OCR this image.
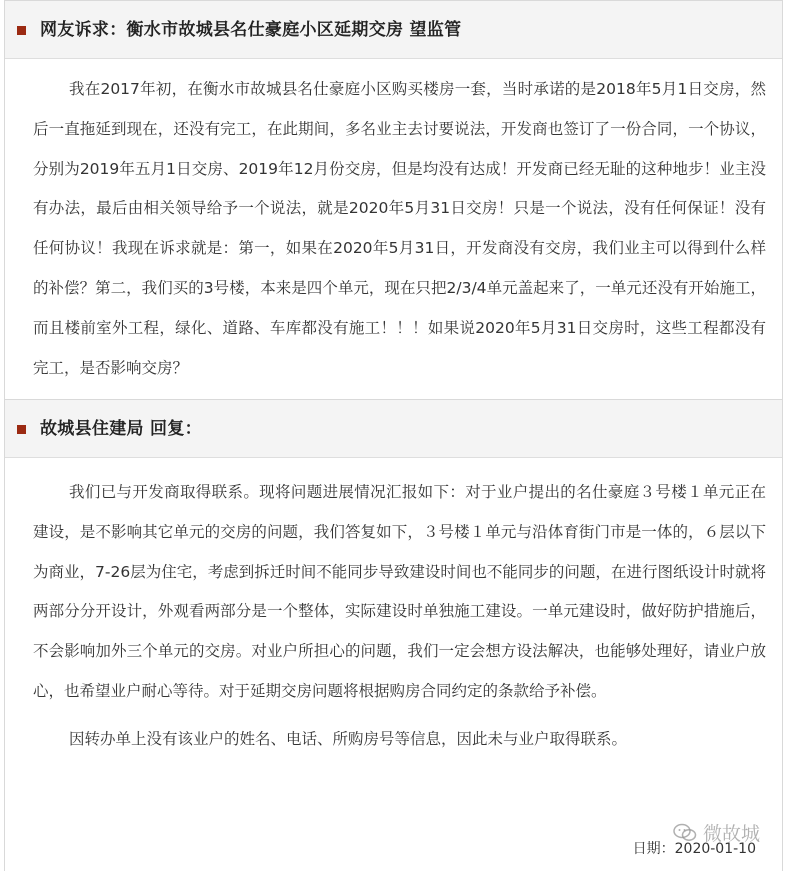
网友诉求：衡水市故城县名仕豪庭小区延期交房 望监管

我在2017年初，在衡水市故城县名仕豪庭小区购买楼房一套，当时承诺的是2018年5月1日交房，然后一直拖延到现在，还没有完工，在此期间，多名业主去讨要说法，开发商也签订了一份合同，一个协议，分别为2019年五月1日交房、2019年12月份交房，但是均没有达成！开发商已经无耻的这种地步！业主没有办法，最后由相关领导给予一个说法，就是2020年5月31日交房！只是一个说法，没有任何保证！没有任何协议！我现在诉求就是：第一，如果在2020年5月31日，开发商没有交房，我们业主可以得到什么样的补偿？第二，我们买的3号楼，本来是四个单元，现在只把2/3/4单元盖起来了，一单元还没有开始施工，而且楼前室外工程，绿化、道路、车库都没有施工！！！如果说2020年5月31日交房时，这些工程都没有完工，是否影响交房？

故城县住建局 回复：

我们已与开发商取得联系。现将问题进展情况汇报如下：对于业户提出的名仕豪庭３号楼１单元正在建设，是不影响其它单元的交房的问题，我们答复如下，３号楼１单元与沿体育街门市是一体的，６层以下为商业，7-26层为住宅，考虑到拆迁时间不能同步导致建设时间也不能同步的问题，在进行图纸设计时就将两部分分开设计，外观看两部分是一个整体，实际建设时单独施工建设。一单元建设时，做好防护措施后，不会影响加外三个单元的交房。对业户所担心的问题，我们一定会想方设法解决，也能够处理好，请业户放心，也希望业户耐心等待。对于延期交房问题将根据购房合同约定的条款给予补偿。

因转办单上没有该业户的姓名、电话、所购房号等信息，因此未与业户取得联系。

微故城
日期：2020-01-10
